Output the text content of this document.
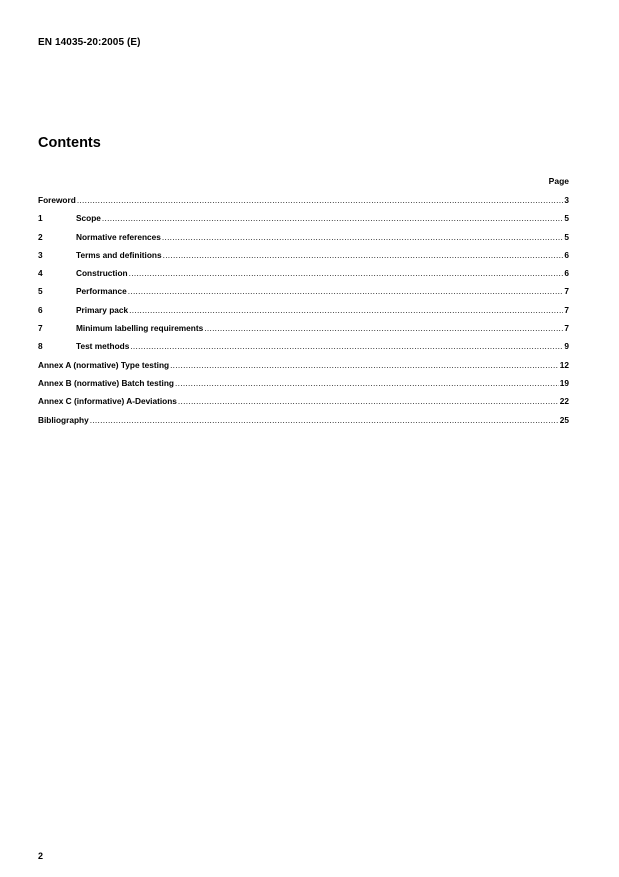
EN 14035-20:2005 (E)
Contents
Page
Foreword .....	3
1	Scope .....	5
2	Normative references .....	5
3	Terms and definitions .....	6
4	Construction .....	6
5	Performance .....	7
6	Primary pack .....	7
7	Minimum labelling requirements .....	7
8	Test methods .....	9
Annex A (normative) Type testing .....	12
Annex B (normative) Batch testing .....	19
Annex C (informative) A-Deviations .....	22
Bibliography .....	25
2
